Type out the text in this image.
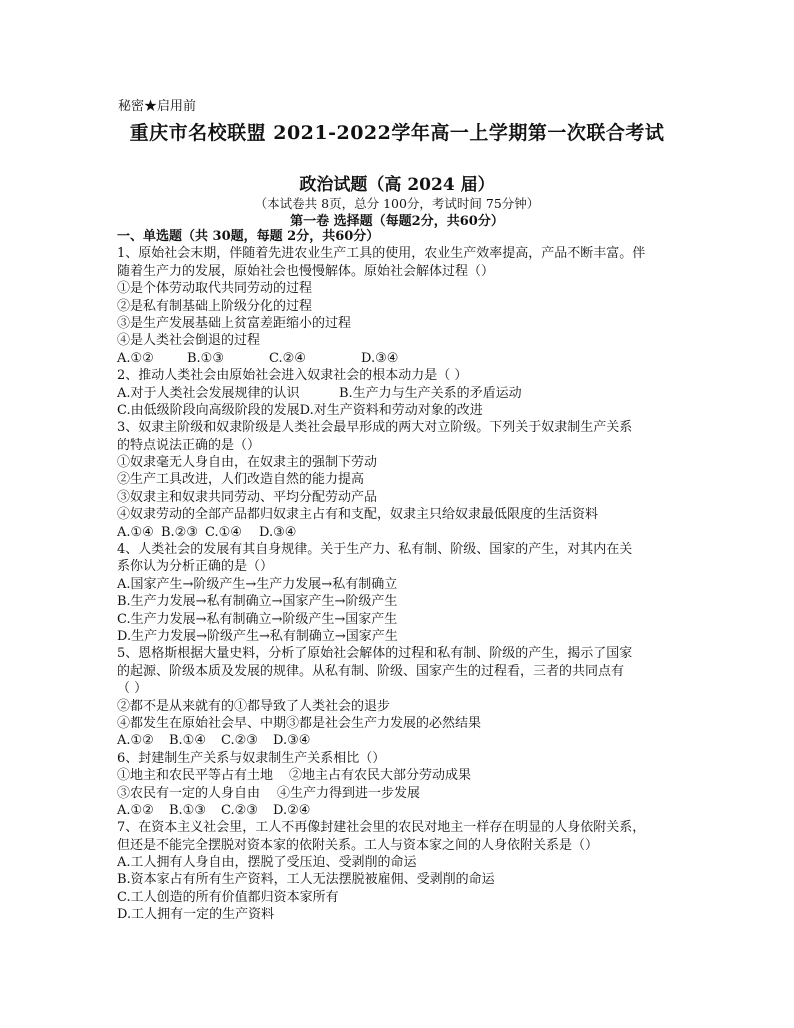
秘密★启用前
重庆市名校联盟 2021-2022学年高一上学期第一次联合考试
政治试题（高 2024 届）
（本试卷共 8页，总分 100分，考试时间 75分钟）
第一卷 选择题（每题2分，共60分）
一、单选题（共 30题，每题 2分，共60分）
1、原始社会末期，伴随着先进农业生产工具的使用，农业生产效率提高，产品不断丰富。伴
随着生产力的发展，原始社会也慢慢解体。原始社会解体过程（）
①是个体劳动取代共同劳动的过程
②是私有制基础上阶级分化的过程
③是生产发展基础上贫富差距缩小的过程
④是人类社会倒退的过程
A.①②	B.①③	C.②④	D.③④
2、推动人类社会由原始社会进入奴隶社会的根本动力是（ ）
A.对于人类社会发展规律的认识	B.生产力与生产关系的矛盾运动
C.由低级阶段向高级阶段的发展 D.对生产资料和劳动对象的改进
3、奴隶主阶级和奴隶阶级是人类社会最早形成的两大对立阶级。下列关于奴隶制生产关系
的特点说法正确的是（）
①奴隶毫无人身自由，在奴隶主的强制下劳动
②生产工具改进，人们改造自然的能力提高
③奴隶主和奴隶共同劳动、平均分配劳动产品
④奴隶劳动的全部产品都归奴隶主占有和支配，奴隶主只给奴隶最低限度的生活资料
A.①④ B.②③ C.①④	D.③④
4、人类社会的发展有其自身规律。关于生产力、私有制、阶级、国家的产生，对其内在关
系你认为分析正确的是（）
A.国家产生→阶级产生→生产力发展→私有制确立
B.生产力发展→私有制确立→国家产生→阶级产生
C.生产力发展→私有制确立→阶级产生→国家产生
D.生产力发展→阶级产生→私有制确立→国家产生
5、恩格斯根据大量史料，分析了原始社会解体的过程和私有制、阶级的产生，揭示了国家
的起源、阶级本质及发展的规律。从私有制、阶级、国家产生的过程看，三者的共同点有
（ ）
②都不是从来就有的①都导致了人类社会的退步
④都发生在原始社会早、中期③都是社会生产力发展的必然结果
A.①②	B.①④	C.②③	D.③④
6、封建制生产关系与奴隶制生产关系相比（）
①地主和农民平等占有土地	②地主占有农民大部分劳动成果
③农民有一定的人身自由	④生产力得到进一步发展
A.①②	B.①③	C.②③	D.②④
7、在资本主义社会里，工人不再像封建社会里的农民对地主一样存在明显的人身依附关系，
但还是不能完全摆脱对资本家的依附关系。工人与资本家之间的人身依附关系是（）
A.工人拥有人身自由，摆脱了受压迫、受剥削的命运
B.资本家占有所有生产资料，工人无法摆脱被雇佣、受剥削的命运
C.工人创造的所有价值都归资本家所有
D.工人拥有一定的生产资料
